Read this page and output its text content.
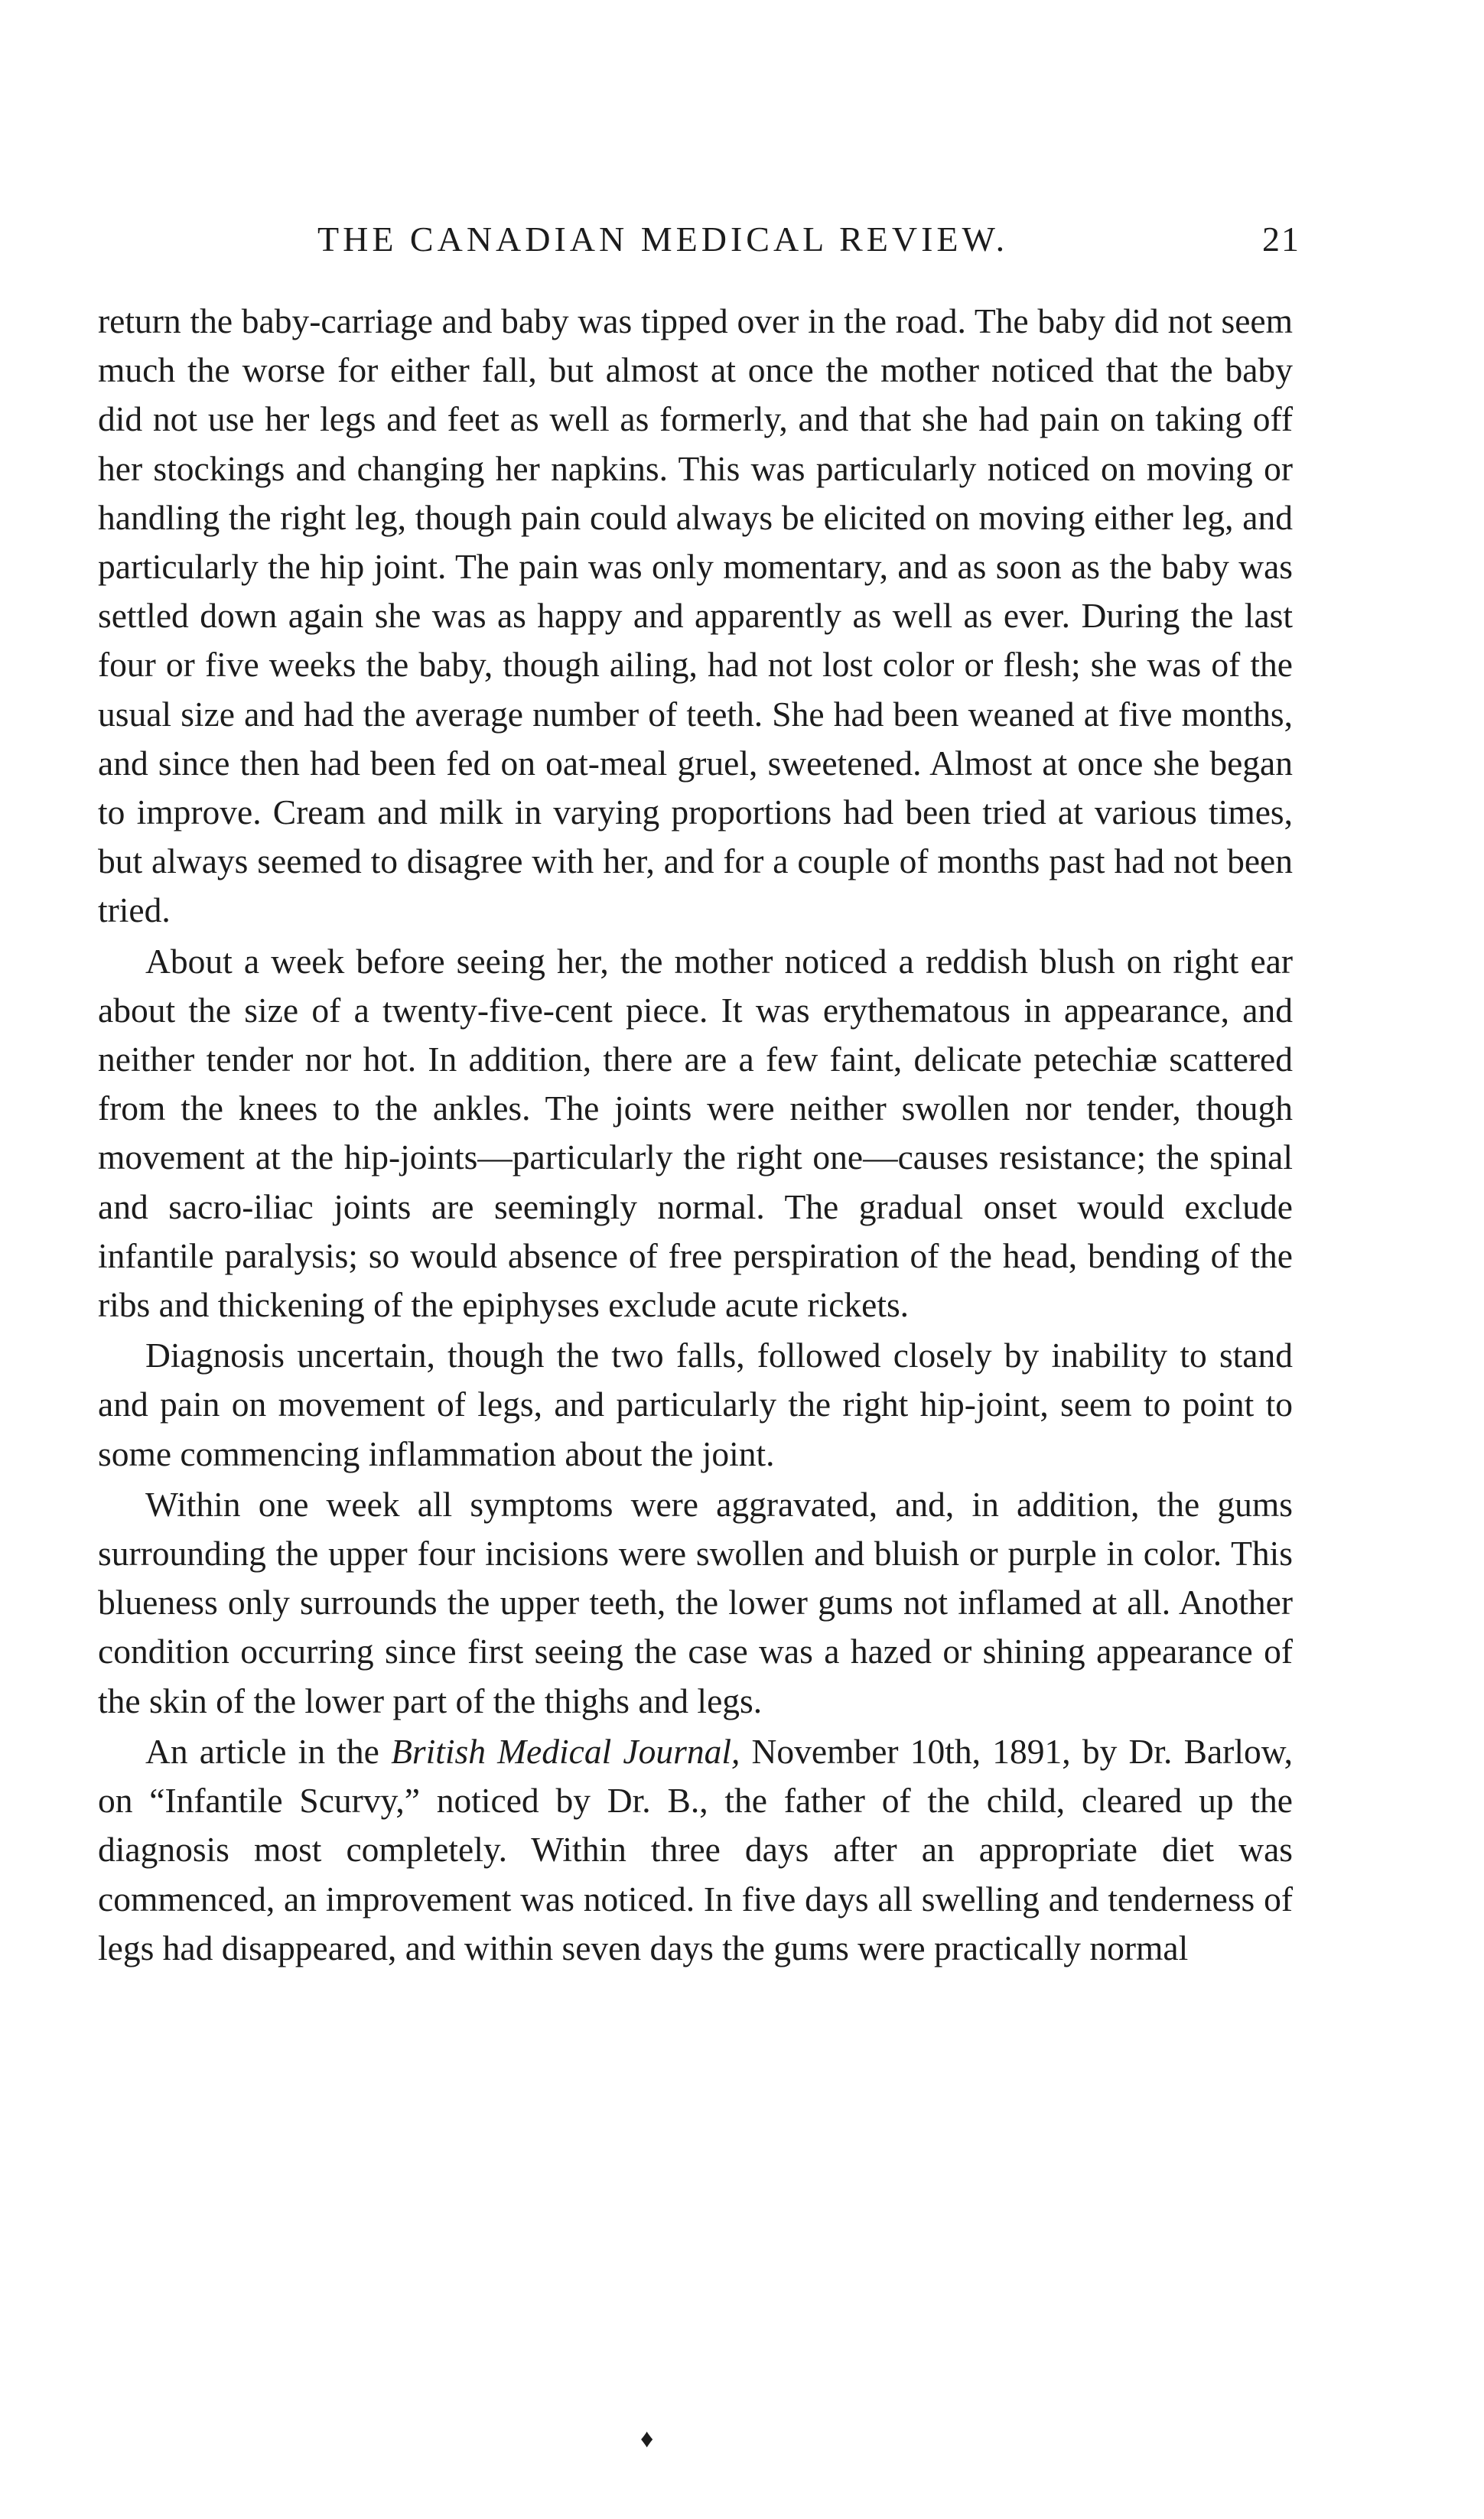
THE CANADIAN MEDICAL REVIEW.	21

return the baby-carriage and baby was tipped over in the road. The baby did not seem much the worse for either fall, but almost at once the mother noticed that the baby did not use her legs and feet as well as formerly, and that she had pain on taking off her stockings and changing her napkins. This was particularly noticed on moving or handling the right leg, though pain could always be elicited on moving either leg, and particularly the hip joint. The pain was only momentary, and as soon as the baby was settled down again she was as happy and apparently as well as ever. During the last four or five weeks the baby, though ailing, had not lost color or flesh; she was of the usual size and had the average number of teeth. She had been weaned at five months, and since then had been fed on oat-meal gruel, sweetened. Almost at once she began to improve. Cream and milk in varying proportions had been tried at various times, but always seemed to disagree with her, and for a couple of months past had not been tried.

About a week before seeing her, the mother noticed a reddish blush on right ear about the size of a twenty-five-cent piece. It was erythematous in appearance, and neither tender nor hot. In addition, there are a few faint, delicate petechiæ scattered from the knees to the ankles. The joints were neither swollen nor tender, though movement at the hip-joints—particularly the right one—causes resistance; the spinal and sacro-iliac joints are seemingly normal. The gradual onset would exclude infantile paralysis; so would absence of free perspiration of the head, bending of the ribs and thickening of the epiphyses exclude acute rickets.

Diagnosis uncertain, though the two falls, followed closely by inability to stand and pain on movement of legs, and particularly the right hip-joint, seem to point to some commencing inflammation about the joint.

Within one week all symptoms were aggravated, and, in addition, the gums surrounding the upper four incisions were swollen and bluish or purple in color. This blueness only surrounds the upper teeth, the lower gums not inflamed at all. Another condition occurring since first seeing the case was a hazed or shining appearance of the skin of the lower part of the thighs and legs.

An article in the British Medical Journal, November 10th, 1891, by Dr. Barlow, on “Infantile Scurvy,” noticed by Dr. B., the father of the child, cleared up the diagnosis most completely. Within three days after an appropriate diet was commenced, an improvement was noticed. In five days all swelling and tenderness of legs had disappeared, and within seven days the gums were practically normal

♦
